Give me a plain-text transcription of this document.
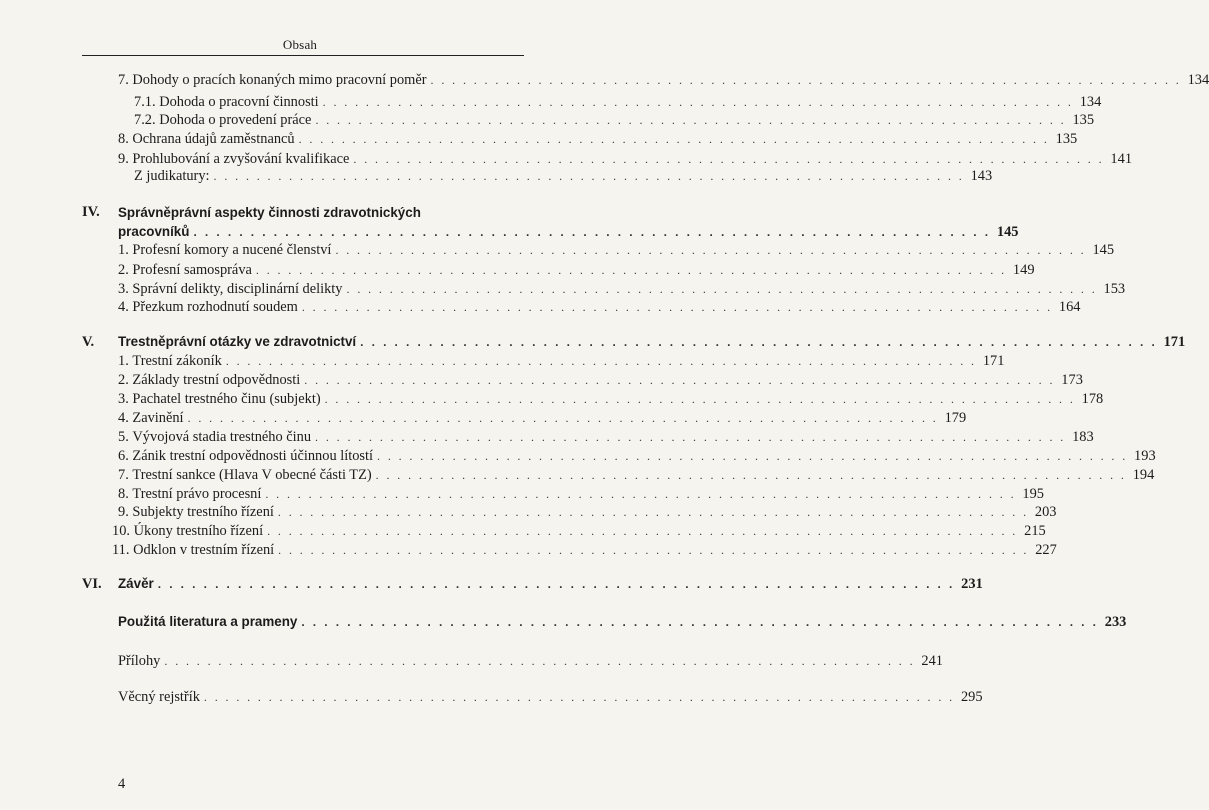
Obsah
7.
Dohody o pracích konaných mimo pracovní poměr . . . . . . . . . . . . . . . . . . . . . . . . . . . . . . . . . . . . . . . . . . . . . . . . . . . . . . . . . . . . . . . . . . . . . . 134
7.1.
Dohoda o pracovní činnosti . . . . . . . . . . . . . . . . . . . . . . . . . . . . . . . . . . . . . . . . . . . . . . . . . . . . . . . . . . . . . . . . . . . . . . 134
7.2.
Dohoda o provedení práce . . . . . . . . . . . . . . . . . . . . . . . . . . . . . . . . . . . . . . . . . . . . . . . . . . . . . . . . . . . . . . . . . . . . . . 135
8.
Ochrana údajů zaměstnanců . . . . . . . . . . . . . . . . . . . . . . . . . . . . . . . . . . . . . . . . . . . . . . . . . . . . . . . . . . . . . . . . . . . . . . 135
9.
Prohlubování a zvyšování kvalifikace . . . . . . . . . . . . . . . . . . . . . . . . . . . . . . . . . . . . . . . . . . . . . . . . . . . . . . . . . . . . . . . . . . . . . . 141
Z judikatury: . . . . . . . . . . . . . . . . . . . . . . . . . . . . . . . . . . . . . . . . . . . . . . . . . . . . . . . . . . . . . . . . . . . . . . 143
IV. Správněprávní aspekty činnosti zdravotnických
pracovníků . . . . . . . . . . . . . . . . . . . . . . . . . . . . . . . . . . . . . . . . . . . . . . . . . . . . . . . . . . . . . . . . . . . . . . 145
1.
Profesní komory a nucené členství . . . . . . . . . . . . . . . . . . . . . . . . . . . . . . . . . . . . . . . . . . . . . . . . . . . . . . . . . . . . . . . . . . . . . . 145
2.
Profesní samospráva . . . . . . . . . . . . . . . . . . . . . . . . . . . . . . . . . . . . . . . . . . . . . . . . . . . . . . . . . . . . . . . . . . . . . . 149
3.
Správní delikty, disciplinární delikty . . . . . . . . . . . . . . . . . . . . . . . . . . . . . . . . . . . . . . . . . . . . . . . . . . . . . . . . . . . . . . . . . . . . . . 153
4.
Přezkum rozhodnutí soudem . . . . . . . . . . . . . . . . . . . . . . . . . . . . . . . . . . . . . . . . . . . . . . . . . . . . . . . . . . . . . . . . . . . . . . 164
V. Trestněprávní otázky ve zdravotnictví . . . . . . . . . . . . . . . . . . . . . . . . . . . . . . . . . . . . . . . . . . . . . . . . . . . . . . . . . . . . . . . . . . . . . . 171
1.
Trestní zákoník . . . . . . . . . . . . . . . . . . . . . . . . . . . . . . . . . . . . . . . . . . . . . . . . . . . . . . . . . . . . . . . . . . . . . . 171
2.
Základy trestní odpovědnosti . . . . . . . . . . . . . . . . . . . . . . . . . . . . . . . . . . . . . . . . . . . . . . . . . . . . . . . . . . . . . . . . . . . . . . 173
3.
Pachatel trestného činu (subjekt) . . . . . . . . . . . . . . . . . . . . . . . . . . . . . . . . . . . . . . . . . . . . . . . . . . . . . . . . . . . . . . . . . . . . . . 178
4.
Zavinění . . . . . . . . . . . . . . . . . . . . . . . . . . . . . . . . . . . . . . . . . . . . . . . . . . . . . . . . . . . . . . . . . . . . . . 179
5.
Vývojová stadia trestného činu . . . . . . . . . . . . . . . . . . . . . . . . . . . . . . . . . . . . . . . . . . . . . . . . . . . . . . . . . . . . . . . . . . . . . . 183
6.
Zánik trestní odpovědnosti účinnou lítostí . . . . . . . . . . . . . . . . . . . . . . . . . . . . . . . . . . . . . . . . . . . . . . . . . . . . . . . . . . . . . . . . . . . . . . 193
7.
Trestní sankce (Hlava V obecné části TZ) . . . . . . . . . . . . . . . . . . . . . . . . . . . . . . . . . . . . . . . . . . . . . . . . . . . . . . . . . . . . . . . . . . . . . . 194
8.
Trestní právo procesní . . . . . . . . . . . . . . . . . . . . . . . . . . . . . . . . . . . . . . . . . . . . . . . . . . . . . . . . . . . . . . . . . . . . . . 195
9.
Subjekty trestního řízení . . . . . . . . . . . . . . . . . . . . . . . . . . . . . . . . . . . . . . . . . . . . . . . . . . . . . . . . . . . . . . . . . . . . . . 203
10.
Úkony trestního řízení . . . . . . . . . . . . . . . . . . . . . . . . . . . . . . . . . . . . . . . . . . . . . . . . . . . . . . . . . . . . . . . . . . . . . . 215
11.
Odklon v trestním řízení . . . . . . . . . . . . . . . . . . . . . . . . . . . . . . . . . . . . . . . . . . . . . . . . . . . . . . . . . . . . . . . . . . . . . . 227
VI. Závěr . . . . . . . . . . . . . . . . . . . . . . . . . . . . . . . . . . . . . . . . . . . . . . . . . . . . . . . . . . . . . . . . . . . . . . 231
Použitá literatura a prameny . . . . . . . . . . . . . . . . . . . . . . . . . . . . . . . . . . . . . . . . . . . . . . . . . . . . . . . . . . . . . . . . . . . . . . 233
Přílohy . . . . . . . . . . . . . . . . . . . . . . . . . . . . . . . . . . . . . . . . . . . . . . . . . . . . . . . . . . . . . . . . . . . . . . 241
Věcný rejstřík . . . . . . . . . . . . . . . . . . . . . . . . . . . . . . . . . . . . . . . . . . . . . . . . . . . . . . . . . . . . . . . . . . . . . . 295
4
